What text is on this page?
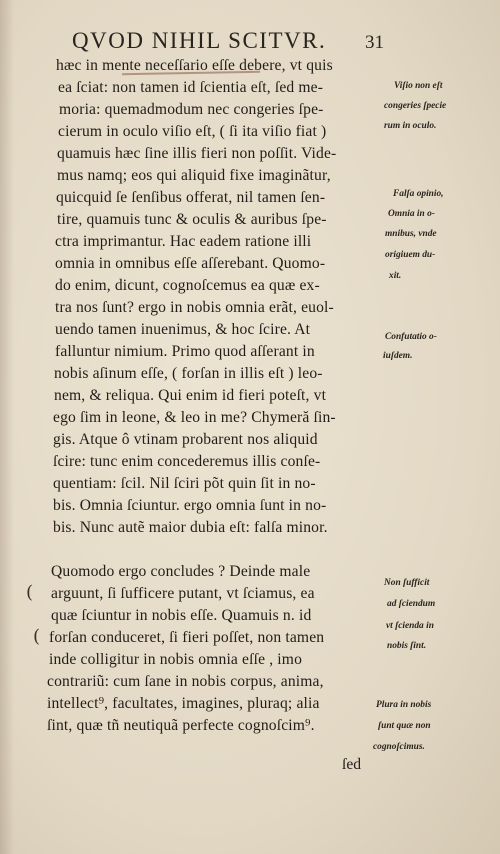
QVOD NIHIL SCITVR. 31
hæc in mente neceſſario eſſe debere, vt quis
ea ſciat: non tamen id ſcientia eſt, ſed me-
moria: quemadmodum nec congeries ſpe-
cierum in oculo viſio eſt, ( ſi ita viſio fiat )
quamuis hæc ſine illis fieri non poſſit. Vide-
mus namq; eos qui aliquid fixe imaginãtur,
quicquid ſe ſenſibus offerat, nil tamen ſen-
tire, quamuis tunc & oculis & auribus ſpe-
ctra imprimantur. Hac eadem ratione illi
omnia in omnibus eſſe aſſerebant. Quomo-
do enim, dicunt, cognoſcemus ea quæ ex-
tra nos ſunt? ergo in nobis omnia erãt, euol-
uendo tamen inuenimus, & hoc ſcire. At
falluntur nimium. Primo quod aſſerant in
nobis aſinum eſſe, ( forſan in illis eſt ) leo-
nem, & reliqua. Qui enim id fieri poteſt, vt
ego ſim in leone, & leo in me? Chymeră ſin-
gis. Atque ô vtinam probarent nos aliquid
ſcire: tunc enim concederemus illis conſe-
quentiam: ſcil. Nil ſciri põt quin ſit in no-
bis. Omnia ſciuntur. ergo omnia ſunt in no-
bis. Nunc autẽ maior dubia eſt: falſa minor.
Quomodo ergo concludes ? Deinde male
arguunt, ſi ſufficere putant, vt ſciamus, ea
quæ ſciuntur in nobis eſſe. Quamuis n. id
forſan conduceret, ſi fieri poſſet, non tamen
inde colligitur in nobis omnia eſſe , imo
contrariũ: cum ſane in nobis corpus, anima,
intellect⁹, facultates, imagines, pluraq; alia
ſint, quæ tñ neutiquã perfecte cognoſcim⁹.
(
(
Viſio non eſt
congeries ſpecie
rum in oculo.
Falſa opinio,
Omnia in o-
mnibus, vnde
origiuem du-
xit.
Confutatio o-
iuſdem.
Non ſufficit
ad ſciendum
vt ſcienda in
nobis ſint.
Plura in nobis
ſunt quæ non
cognoſcimus.
ſed
